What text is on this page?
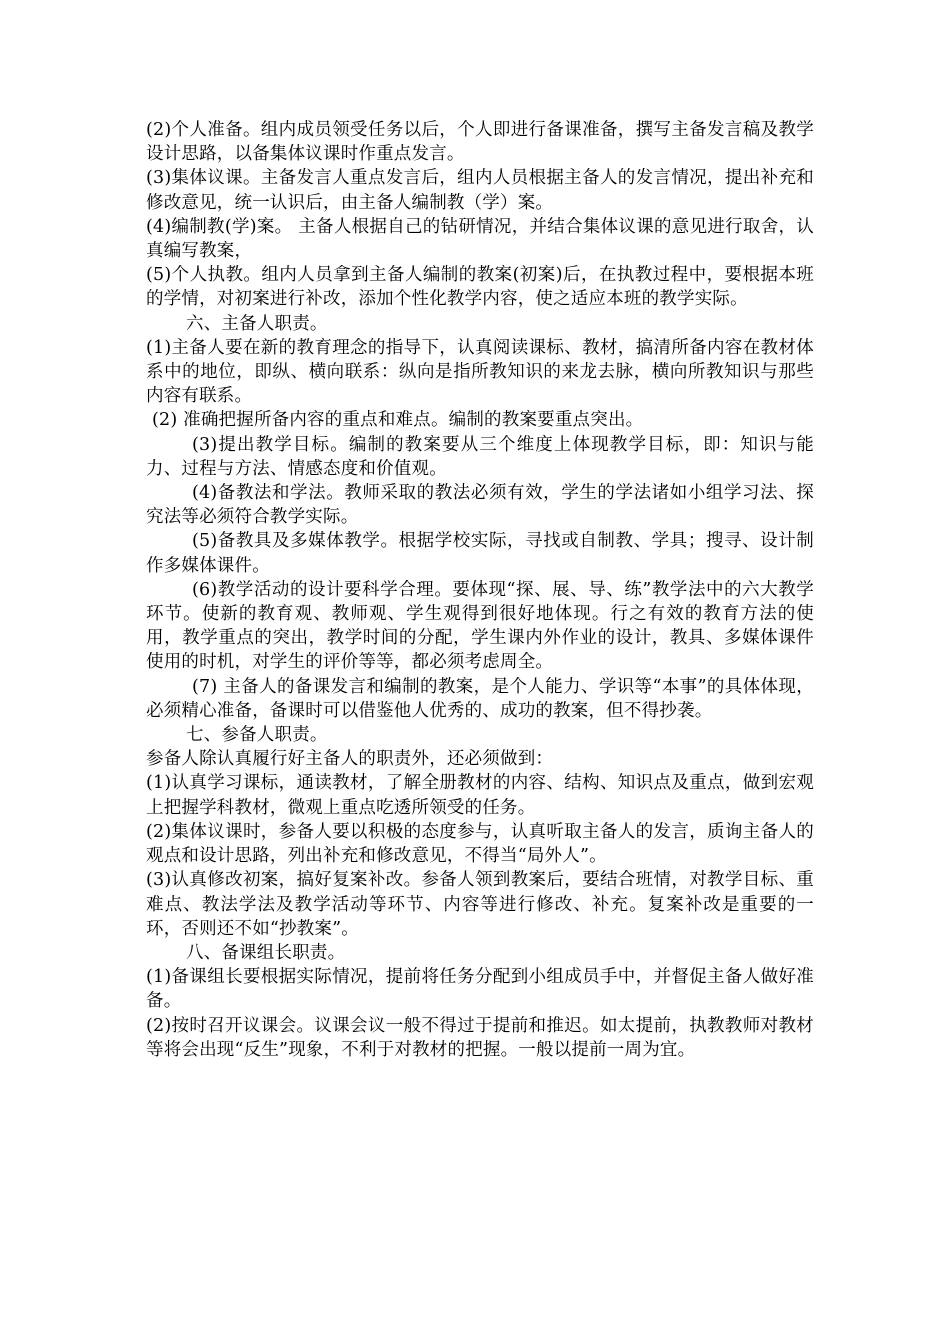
(2)个人准备。组内成员领受任务以后，个人即进行备课准备，撰写主备发言稿及教学设计思路，以备集体议课时作重点发言。

(3)集体议课。主备发言人重点发言后，组内人员根据主备人的发言情况，提出补充和修改意见，统一认识后，由主备人编制教（学）案。

(4)编制教(学)案。 主备人根据自己的钻研情况，并结合集体议课的意见进行取舍，认真编写教案，

(5)个人执教。组内人员拿到主备人编制的教案(初案)后，在执教过程中，要根据本班的学情，对初案进行补改，添加个性化教学内容，使之适应本班的教学实际。

六、主备人职责。

(1)主备人要在新的教育理念的指导下，认真阅读课标、教材，搞清所备内容在教材体系中的地位，即纵、横向联系：纵向是指所教知识的来龙去脉，横向所教知识与那些内容有联系。

(2) 准确把握所备内容的重点和难点。编制的教案要重点突出。

(3)提出教学目标。编制的教案要从三个维度上体现教学目标，即：知识与能力、过程与方法、情感态度和价值观。

(4)备教法和学法。教师采取的教法必须有效，学生的学法诸如小组学习法、探究法等必须符合教学实际。

(5)备教具及多媒体教学。根据学校实际，寻找或自制教、学具；搜寻、设计制作多媒体课件。

(6)教学活动的设计要科学合理。要体现“探、展、导、练”教学法中的六大教学环节。使新的教育观、教师观、学生观得到很好地体现。行之有效的教育方法的使用，教学重点的突出，教学时间的分配，学生课内外作业的设计，教具、多媒体课件使用的时机，对学生的评价等等，都必须考虑周全。

(7) 主备人的备课发言和编制的教案，是个人能力、学识等“本事”的具体体现，必须精心准备，备课时可以借鉴他人优秀的、成功的教案，但不得抄袭。

七、参备人职责。

参备人除认真履行好主备人的职责外，还必须做到：

(1)认真学习课标，通读教材，了解全册教材的内容、结构、知识点及重点，做到宏观上把握学科教材，微观上重点吃透所领受的任务。

(2)集体议课时，参备人要以积极的态度参与，认真听取主备人的发言，质询主备人的观点和设计思路，列出补充和修改意见，不得当“局外人”。

(3)认真修改初案，搞好复案补改。参备人领到教案后，要结合班情，对教学目标、重难点、教法学法及教学活动等环节、内容等进行修改、补充。复案补改是重要的一环，否则还不如“抄教案”。

八、备课组长职责。

(1)备课组长要根据实际情况，提前将任务分配到小组成员手中，并督促主备人做好准备。

(2)按时召开议课会。议课会议一般不得过于提前和推迟。如太提前，执教教师对教材等将会出现“反生”现象，不利于对教材的把握。一般以提前一周为宜。
